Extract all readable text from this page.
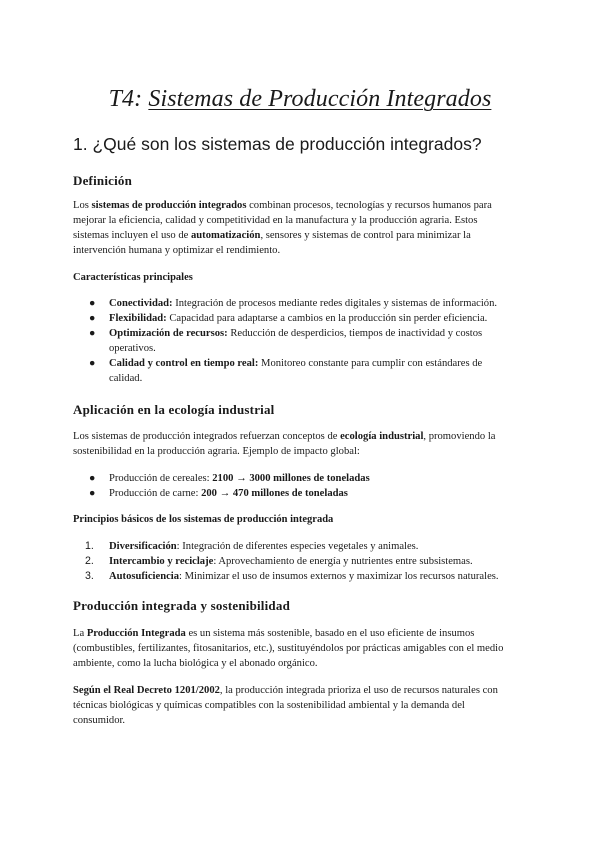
T4: Sistemas de Producción Integrados
1. ¿Qué son los sistemas de producción integrados?
Definición

Los sistemas de producción integrados combinan procesos, tecnologías y recursos humanos para mejorar la eficiencia, calidad y competitividad en la manufactura y la producción agraria. Estos sistemas incluyen el uso de automatización, sensores y sistemas de control para minimizar la intervención humana y optimizar el rendimiento.

Características principales
● Conectividad: Integración de procesos mediante redes digitales y sistemas de información.
● Flexibilidad: Capacidad para adaptarse a cambios en la producción sin perder eficiencia.
● Optimización de recursos: Reducción de desperdicios, tiempos de inactividad y costos operativos.
● Calidad y control en tiempo real: Monitoreo constante para cumplir con estándares de calidad.
Aplicación en la ecología industrial

Los sistemas de producción integrados refuerzan conceptos de ecología industrial, promoviendo la sostenibilidad en la producción agraria. Ejemplo de impacto global:

● Producción de cereales: 2100 → 3000 millones de toneladas
● Producción de carne: 200 → 470 millones de toneladas
Principios básicos de los sistemas de producción integrada
1. Diversificación: Integración de diferentes especies vegetales y animales.
2. Intercambio y reciclaje: Aprovechamiento de energía y nutrientes entre subsistemas.
3. Autosuficiencia: Minimizar el uso de insumos externos y maximizar los recursos naturales.
Producción integrada y sostenibilidad

La Producción Integrada es un sistema más sostenible, basado en el uso eficiente de insumos (combustibles, fertilizantes, fitosanitarios, etc.), sustituyéndolos por prácticas amigables con el medio ambiente, como la lucha biológica y el abonado orgánico.

Según el Real Decreto 1201/2002, la producción integrada prioriza el uso de recursos naturales con técnicas biológicas y químicas compatibles con la sostenibilidad ambiental y la demanda del consumidor.
